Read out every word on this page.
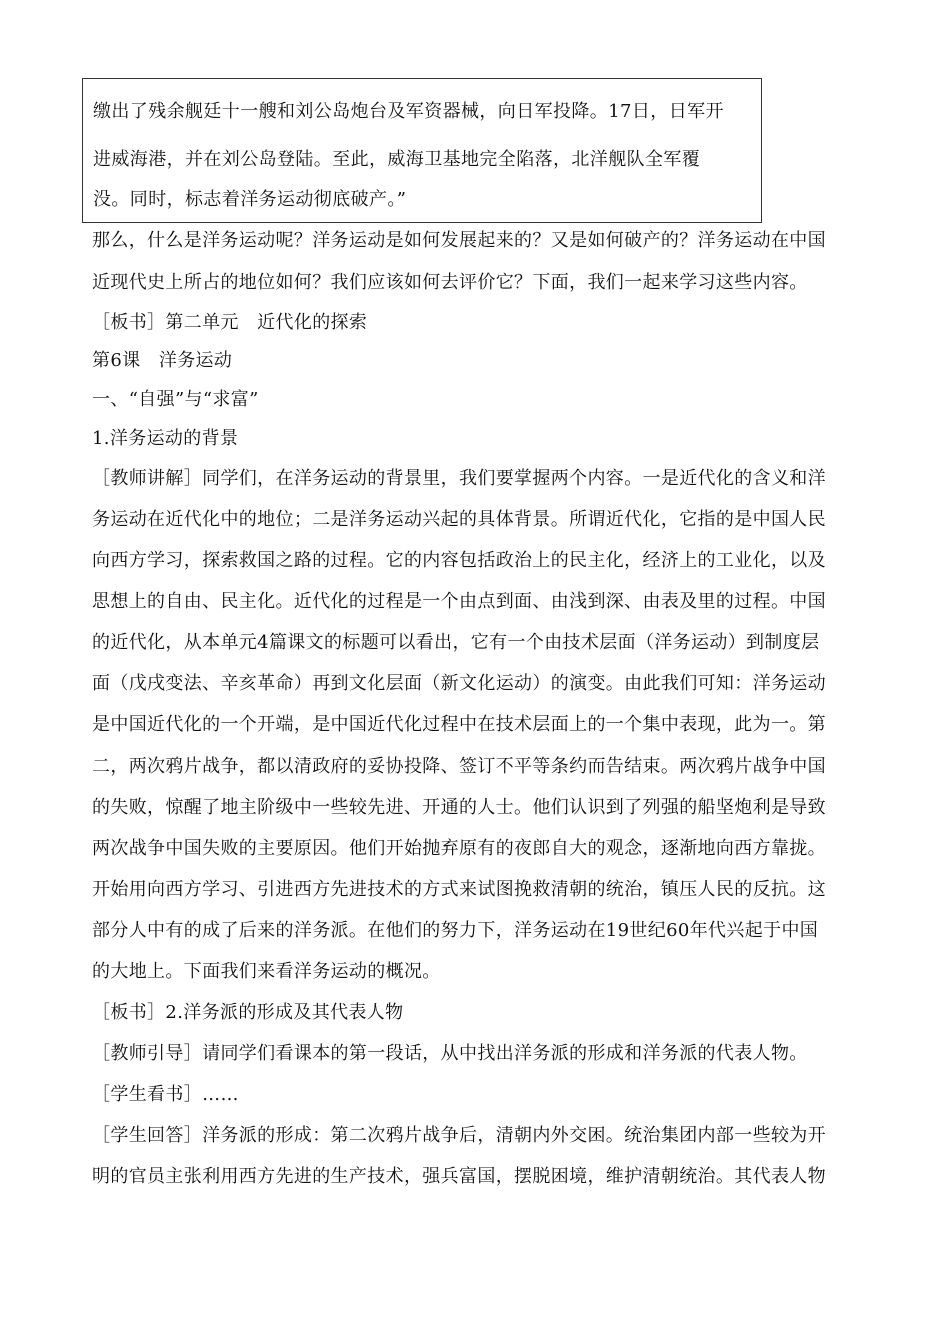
缴出了残余舰廷十一艘和刘公岛炮台及军资器械，向日军投降。17日，日军开
进威海港，并在刘公岛登陆。至此，威海卫基地完全陷落，北洋舰队全军覆
没。同时，标志着洋务运动彻底破产。”
那么，什么是洋务运动呢？洋务运动是如何发展起来的？又是如何破产的？洋务运动在中国
近现代史上所占的地位如何？我们应该如何去评价它？下面，我们一起来学习这些内容。
［板书］第二单元　近代化的探索
第6课　洋务运动
一、“自强”与“求富”
1.洋务运动的背景
［教师讲解］同学们，在洋务运动的背景里，我们要掌握两个内容。一是近代化的含义和洋
务运动在近代化中的地位；二是洋务运动兴起的具体背景。所谓近代化，它指的是中国人民
向西方学习，探索救国之路的过程。它的内容包括政治上的民主化，经济上的工业化，以及
思想上的自由、民主化。近代化的过程是一个由点到面、由浅到深、由表及里的过程。中国
的近代化，从本单元4篇课文的标题可以看出，它有一个由技术层面（洋务运动）到制度层
面（戊戌变法、辛亥革命）再到文化层面（新文化运动）的演变。由此我们可知：洋务运动
是中国近代化的一个开端，是中国近代化过程中在技术层面上的一个集中表现，此为一。第
二，两次鸦片战争，都以清政府的妥协投降、签订不平等条约而告结束。两次鸦片战争中国
的失败，惊醒了地主阶级中一些较先进、开通的人士。他们认识到了列强的船坚炮利是导致
两次战争中国失败的主要原因。他们开始抛弃原有的夜郎自大的观念，逐渐地向西方靠拢。
开始用向西方学习、引进西方先进技术的方式来试图挽救清朝的统治，镇压人民的反抗。这
部分人中有的成了后来的洋务派。在他们的努力下，洋务运动在19世纪60年代兴起于中国
的大地上。下面我们来看洋务运动的概况。
［板书］2.洋务派的形成及其代表人物
［教师引导］请同学们看课本的第一段话，从中找出洋务派的形成和洋务派的代表人物。
［学生看书］……
［学生回答］洋务派的形成：第二次鸦片战争后，清朝内外交困。统治集团内部一些较为开
明的官员主张利用西方先进的生产技术，强兵富国，摆脱困境，维护清朝统治。其代表人物
